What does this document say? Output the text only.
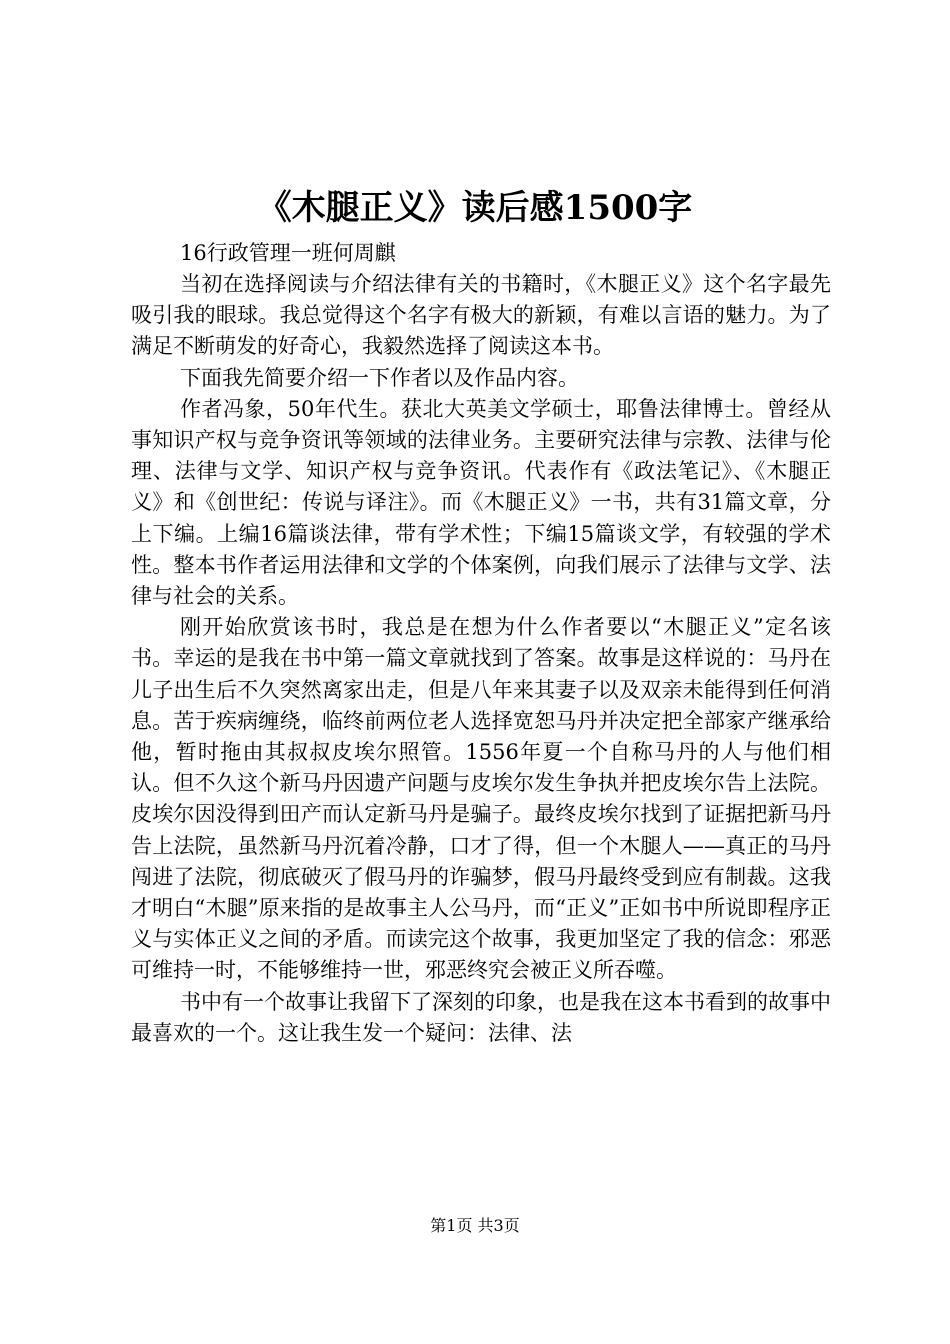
《木腿正义》读后感1500字
16行政管理一班何周麒

当初在选择阅读与介绍法律有关的书籍时，《木腿正义》这个名字最先吸引我的眼球。我总觉得这个名字有极大的新颖，有难以言语的魅力。为了满足不断萌发的好奇心，我毅然选择了阅读这本书。

下面我先简要介绍一下作者以及作品内容。

作者冯象，50年代生。获北大英美文学硕士，耶鲁法律博士。曾经从事知识产权与竞争资讯等领域的法律业务。主要研究法律与宗教、法律与伦理、法律与文学、知识产权与竞争资讯。代表作有《政法笔记》、《木腿正义》和《创世纪：传说与译注》。而《木腿正义》一书，共有31篇文章，分上下编。上编16篇谈法律，带有学术性；下编15篇谈文学，有较强的学术性。整本书作者运用法律和文学的个体案例，向我们展示了法律与文学、法律与社会的关系。

刚开始欣赏该书时，我总是在想为什么作者要以“木腿正义”定名该书。幸运的是我在书中第一篇文章就找到了答案。故事是这样说的：马丹在儿子出生后不久突然离家出走，但是八年来其妻子以及双亲未能得到任何消息。苦于疾病缠绕，临终前两位老人选择宽恕马丹并决定把全部家产继承给他，暂时拖由其叔叔皮埃尔照管。1556年夏一个自称马丹的人与他们相认。但不久这个新马丹因遗产问题与皮埃尔发生争执并把皮埃尔告上法院。皮埃尔因没得到田产而认定新马丹是骗子。最终皮埃尔找到了证据把新马丹告上法院，虽然新马丹沉着冷静，口才了得，但一个木腿人——真正的马丹闯进了法院，彻底破灭了假马丹的诈骗梦，假马丹最终受到应有制裁。这我才明白“木腿”原来指的是故事主人公马丹，而“正义”正如书中所说即程序正义与实体正义之间的矛盾。而读完这个故事，我更加坚定了我的信念：邪恶可维持一时，不能够维持一世，邪恶终究会被正义所吞噬。

书中有一个故事让我留下了深刻的印象，也是我在这本书看到的故事中最喜欢的一个。这让我生发一个疑问：法律、法

第1页 共3页
